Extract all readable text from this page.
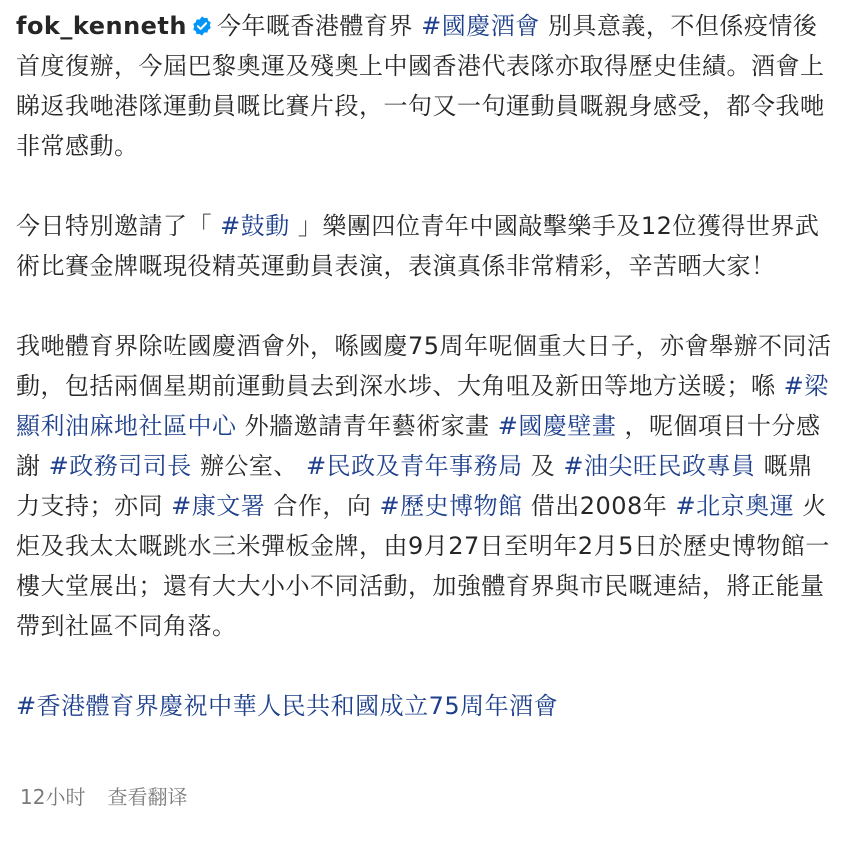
fok_kenneth 今年嘅香港體育界 #國慶酒會 別具意義，不但係疫情後首度復辦，今屆巴黎奧運及殘奧上中國香港代表隊亦取得歷史佳績。酒會上睇返我哋港隊運動員嘅比賽片段，一句又一句運動員嘅親身感受，都令我哋非常感動。

今日特別邀請了「 #鼓動 」樂團四位青年中國敲擊樂手及12位獲得世界武術比賽金牌嘅現役精英運動員表演，表演真係非常精彩，辛苦晒大家！

我哋體育界除咗國慶酒會外，喺國慶75周年呢個重大日子，亦會舉辦不同活動，包括兩個星期前運動員去到深水埗、大角咀及新田等地方送暖；喺 #梁顯利油麻地社區中心 外牆邀請青年藝術家畫 #國慶壁畫 ，呢個項目十分感謝 #政務司司長 辦公室、 #民政及青年事務局 及 #油尖旺民政專員 嘅鼎力支持；亦同 #康文署 合作，向 #歷史博物館 借出2008年 #北京奧運 火炬及我太太嘅跳水三米彈板金牌，由9月27日至明年2月5日於歷史博物館一樓大堂展出；還有大大小小不同活動，加強體育界與市民嘅連結，將正能量帶到社區不同角落。

#香港體育界慶祝中華人民共和國成立75周年酒會

12小时 查看翻译
